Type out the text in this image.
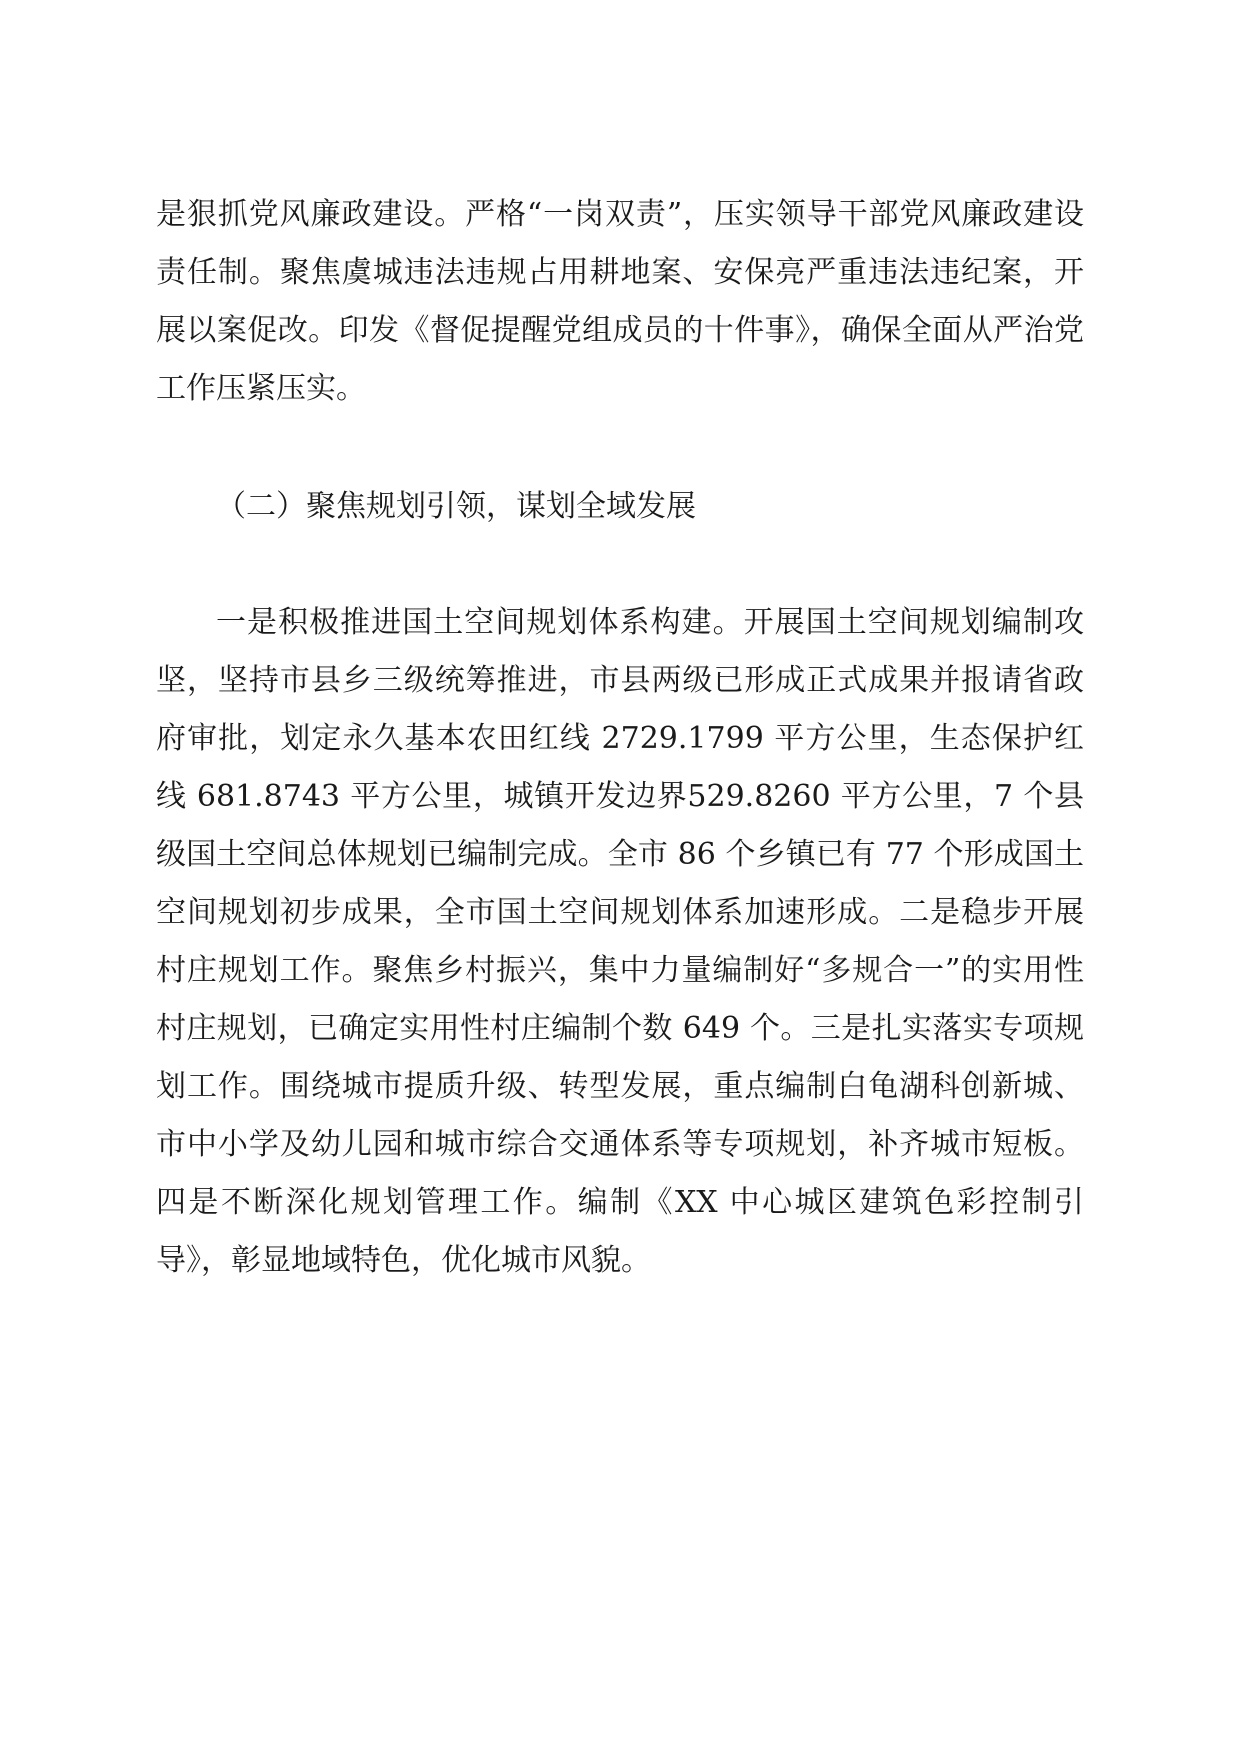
是狠抓党风廉政建设。严格“一岗双责”，压实领导干部党风廉政建设责任制。聚焦虞城违法违规占用耕地案、安保亮严重违法违纪案，开展以案促改。印发《督促提醒党组成员的十件事》，确保全面从严治党工作压紧压实。

（二）聚焦规划引领，谋划全域发展

一是积极推进国土空间规划体系构建。开展国土空间规划编制攻坚，坚持市县乡三级统筹推进，市县两级已形成正式成果并报请省政府审批，划定永久基本农田红线 2729.1799 平方公里，生态保护红线 681.8743 平方公里，城镇开发边界529.8260 平方公里，7 个县级国土空间总体规划已编制完成。全市 86 个乡镇已有 77 个形成国土空间规划初步成果，全市国土空间规划体系加速形成。二是稳步开展村庄规划工作。聚焦乡村振兴，集中力量编制好“多规合一”的实用性村庄规划，已确定实用性村庄编制个数 649 个。三是扎实落实专项规划工作。围绕城市提质升级、转型发展，重点编制白龟湖科创新城、市中小学及幼儿园和城市综合交通体系等专项规划，补齐城市短板。四是不断深化规划管理工作。编制《XX 中心城区建筑色彩控制引导》，彰显地域特色，优化城市风貌。
